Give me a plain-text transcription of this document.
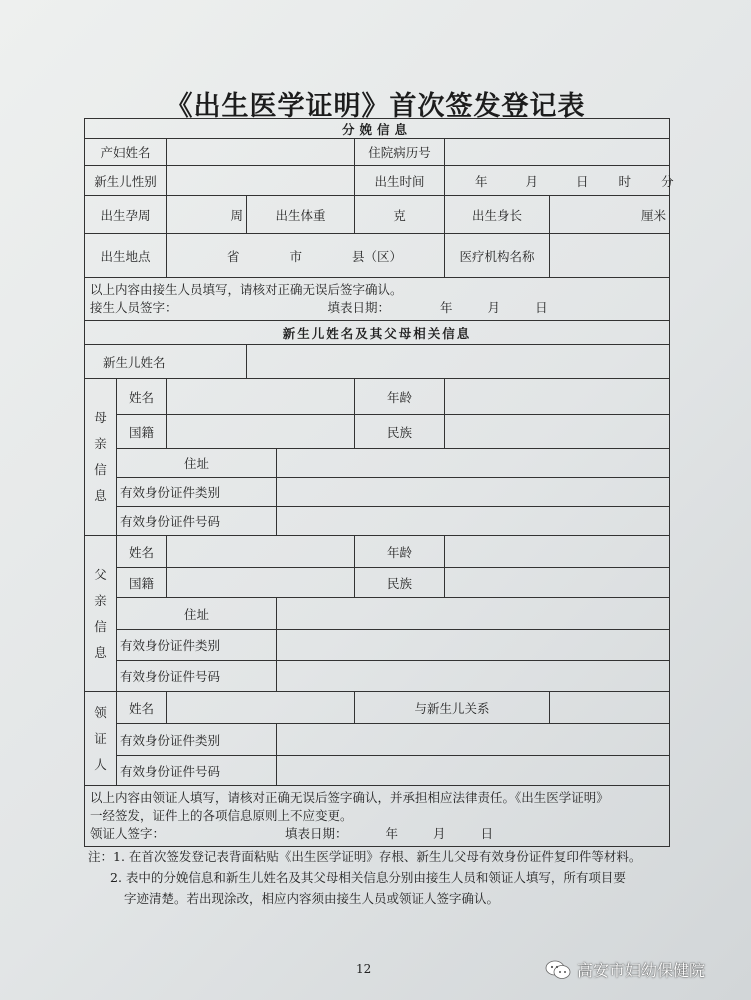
《出生医学证明》首次签发登记表
分娩信息							
产妇姓名					住院病历号		
新生儿性别					出生时间	年 月 日 时 分	
出生孕周		周	出生体重		克	出生身长	厘米
出生地点		省 市 县（区）				医疗机构名称	

以上内容由接生人员填写，请核对正确无误后签字确认。
接生人员签字： 填表日期： 年 月 日							

新生儿姓名及其父母相关信息							
新生儿姓名							
母
亲
信
息	姓名				年龄		
	国籍				民族		
	住址						
	有效身份证件类别						
	有效身份证件号码						
父
亲
信
息	姓名				年龄		
	国籍				民族		
	住址						
	有效身份证件类别						
	有效身份证件号码						
领
证
人	姓名				与新生儿关系		
	有效身份证件类别						
	有效身份证件号码						

以上内容由领证人填写，请核对正确无误后签字确认，并承担相应法律责任。《出生医学证明》
一经签发，证件上的各项信息原则上不应变更。
领证人签字： 填表日期： 年 月 日							
注：1. 在首次签发登记表背面粘贴《出生医学证明》存根、新生儿父母有效身份证件复印件等材料。
2. 表中的分娩信息和新生儿姓名及其父母相关信息分别由接生人员和领证人填写，所有项目要
字迹清楚。若出现涂改，相应内容须由接生人员或领证人签字确认。
12	高安市妇幼保健院
